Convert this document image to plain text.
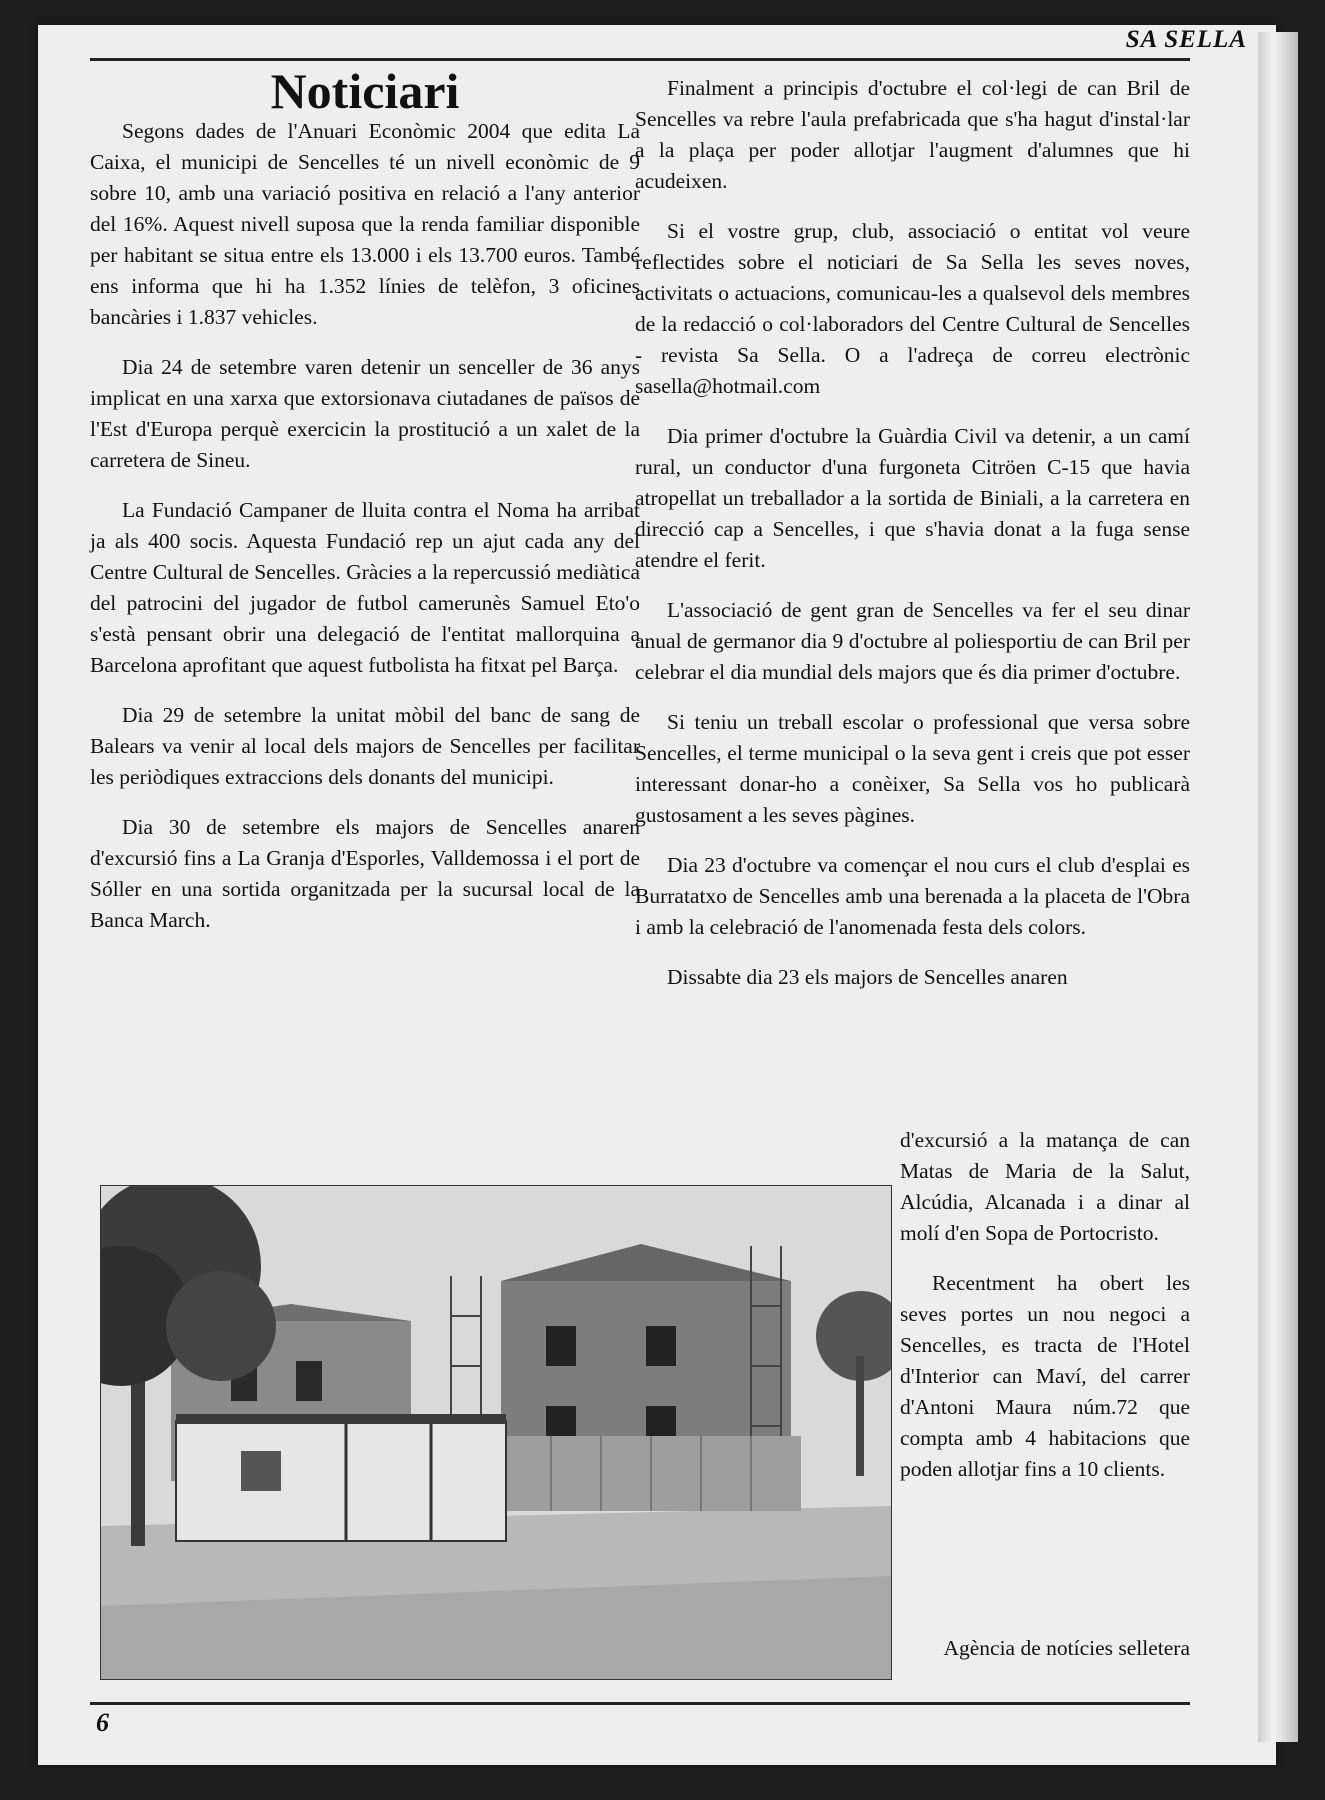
SA SELLA
Noticiari

Segons dades de l'Anuari Econòmic 2004 que edita La Caixa, el municipi de Sencelles té un nivell econòmic de 9 sobre 10, amb una variació positiva en relació a l'any anterior del 16%. Aquest nivell suposa que la renda familiar disponible per habitant se situa entre els 13.000 i els 13.700 euros. També ens informa que hi ha 1.352 línies de telèfon, 3 oficines bancàries i 1.837 vehicles.

Dia 24 de setembre varen detenir un senceller de 36 anys implicat en una xarxa que extorsionava ciutadanes de països de l'Est d'Europa perquè exercicin la prostitució a un xalet de la carretera de Sineu.

La Fundació Campaner de lluita contra el Noma ha arribat ja als 400 socis. Aquesta Fundació rep un ajut cada any del Centre Cultural de Sencelles. Gràcies a la repercussió mediàtica del patrocini del jugador de futbol camerunès Samuel Eto'o s'està pensant obrir una delegació de l'entitat mallorquina a Barcelona aprofitant que aquest futbolista ha fitxat pel Barça.

Dia 29 de setembre la unitat mòbil del banc de sang de Balears va venir al local dels majors de Sencelles per facilitar les periòdiques extraccions dels donants del municipi.

Dia 30 de setembre els majors de Sencelles anaren d'excursió fins a La Granja d'Esporles, Valldemossa i el port de Sóller en una sortida organitzada per la sucursal local de la Banca March.

Finalment a principis d'octubre el col·legi de can Bril de Sencelles va rebre l'aula prefabricada que s'ha hagut d'instal·lar a la plaça per poder allotjar l'augment d'alumnes que hi acudeixen.

Si el vostre grup, club, associació o entitat vol veure reflectides sobre el noticiari de Sa Sella les seves noves, activitats o actuacions, comunicau-les a qualsevol dels membres de la redacció o col·laboradors del Centre Cultural de Sencelles - revista Sa Sella. O a l'adreça de correu electrònic sasella@hotmail.com

Dia primer d'octubre la Guàrdia Civil va detenir, a un camí rural, un conductor d'una furgoneta Citröen C-15 que havia atropellat un treballador a la sortida de Biniali, a la carretera en direcció cap a Sencelles, i que s'havia donat a la fuga sense atendre el ferit.

L'associació de gent gran de Sencelles va fer el seu dinar anual de germanor dia 9 d'octubre al poliesportiu de can Bril per celebrar el dia mundial dels majors que és dia primer d'octubre.

Si teniu un treball escolar o professional que versa sobre Sencelles, el terme municipal o la seva gent i creis que pot esser interessant donar-ho a conèixer, Sa Sella vos ho publicarà gustosament a les seves pàgines.

Dia 23 d'octubre va començar el nou curs el club d'esplai es Burratatxo de Sencelles amb una berenada a la placeta de l'Obra i amb la celebració de l'anomenada festa dels colors.

Dissabte dia 23 els majors de Sencelles anaren

d'excursió a la matança de can Matas de Maria de la Salut, Alcúdia, Alcanada i a dinar al molí d'en Sopa de Portocristo.

Recentment ha obert les seves portes un nou negoci a Sencelles, es tracta de l'Hotel d'Interior can Maví, del carrer d'Antoni Maura núm.72 que compta amb 4 habitacions que poden allotjar fins a 10 clients.

Agència de notícies selletera

6
